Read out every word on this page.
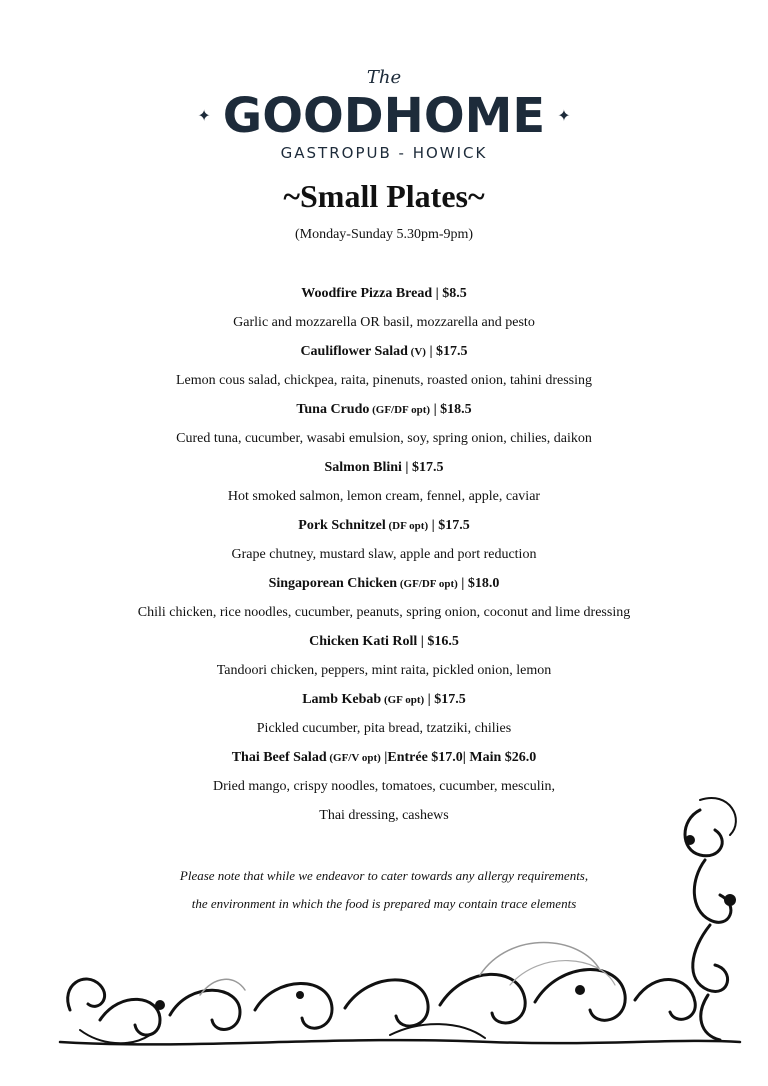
The
✦ GOODHOME ✦
GASTROPUB - HOWICK
~Small Plates~
(Monday-Sunday 5.30pm-9pm)
Woodfire Pizza Bread | $8.5
Garlic and mozzarella OR basil, mozzarella and pesto
Cauliflower Salad (V) | $17.5
Lemon cous salad, chickpea, raita, pinenuts, roasted onion, tahini dressing
Tuna Crudo (GF/DF opt) | $18.5
Cured tuna, cucumber, wasabi emulsion, soy, spring onion, chilies, daikon
Salmon Blini | $17.5
Hot smoked salmon, lemon cream, fennel, apple, caviar
Pork Schnitzel (DF opt) | $17.5
Grape chutney, mustard slaw, apple and port reduction
Singaporean Chicken (GF/DF opt) | $18.0
Chili chicken, rice noodles, cucumber, peanuts, spring onion, coconut and lime dressing
Chicken Kati Roll | $16.5
Tandoori chicken, peppers, mint raita, pickled onion, lemon
Lamb Kebab (GF opt) | $17.5
Pickled cucumber, pita bread, tzatziki, chilies
Thai Beef Salad (GF/V opt) |Entrée $17.0| Main $26.0
Dried mango, crispy noodles, tomatoes, cucumber, mesculin,
Thai dressing, cashews
Please note that while we endeavor to cater towards any allergy requirements,
the environment in which the food is prepared may contain trace elements
